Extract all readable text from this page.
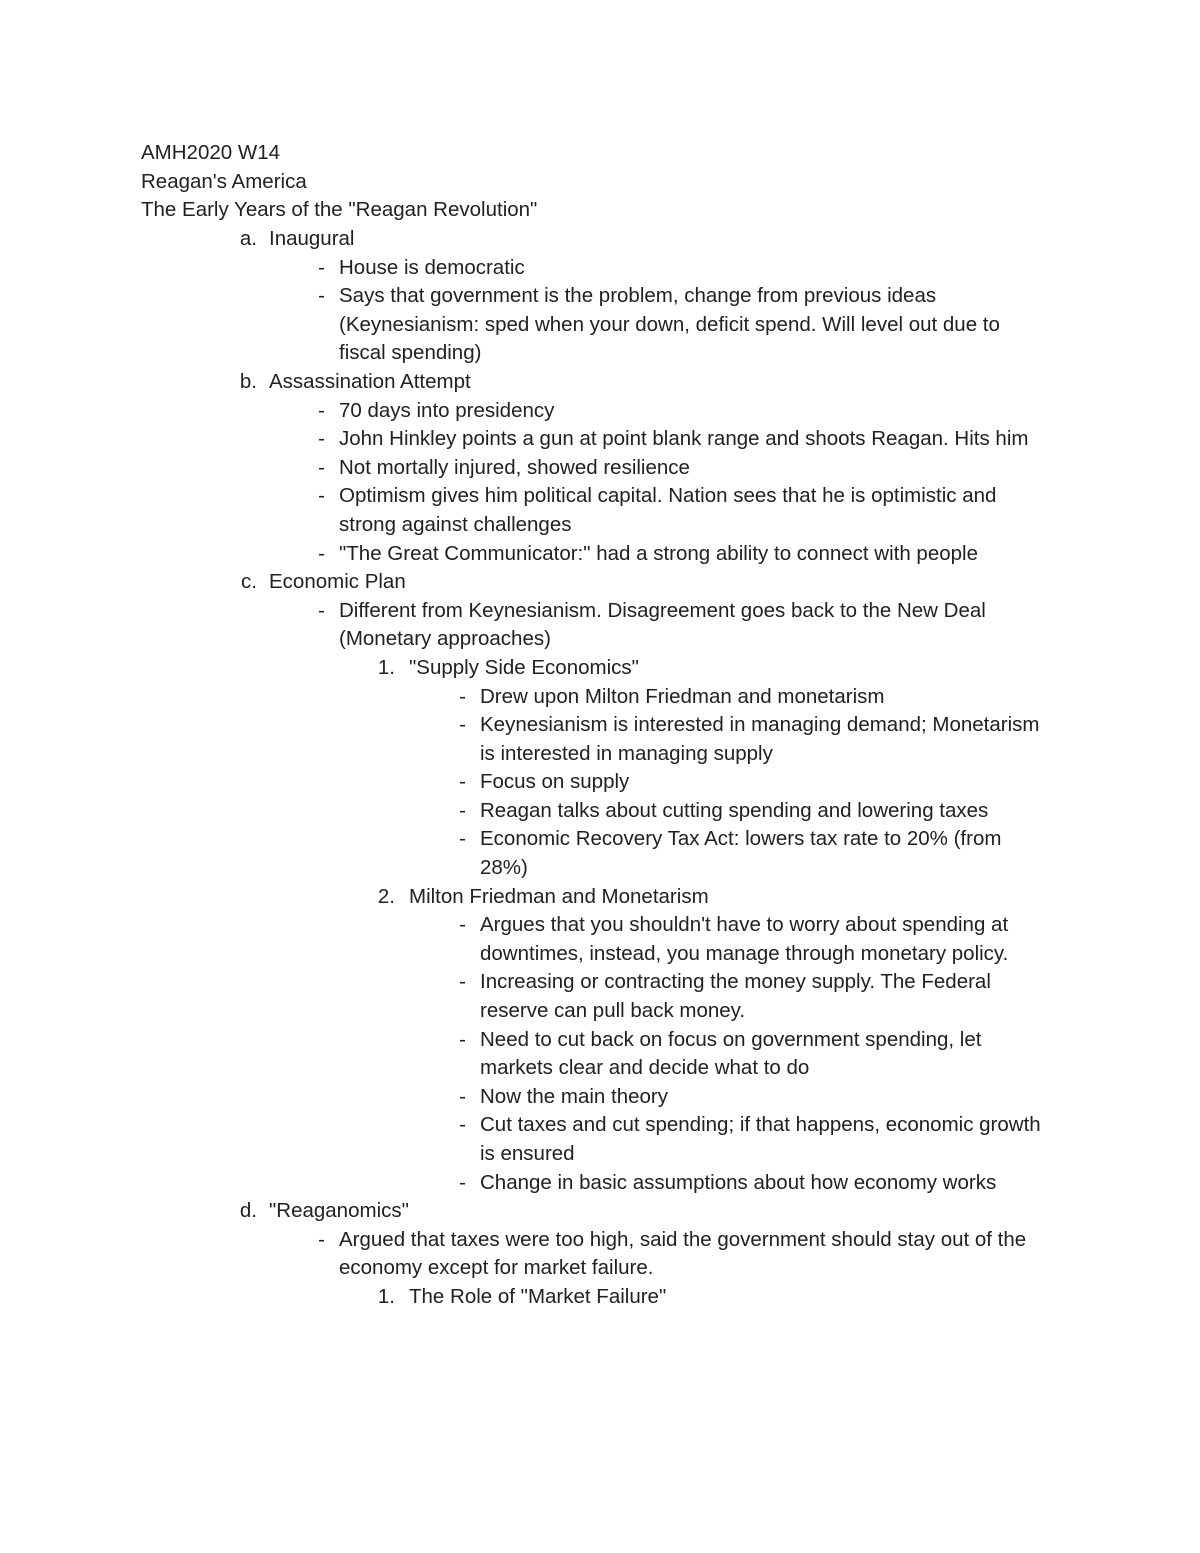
AMH2020 W14
Reagan's America
The Early Years of the "Reagan Revolution"
a. Inaugural
- House is democratic
- Says that government is the problem, change from previous ideas (Keynesianism: sped when your down, deficit spend. Will level out due to fiscal spending)
b. Assassination Attempt
- 70 days into presidency
- John Hinkley points a gun at point blank range and shoots Reagan. Hits him
- Not mortally injured, showed resilience
- Optimism gives him political capital. Nation sees that he is optimistic and strong against challenges
- "The Great Communicator:" had a strong ability to connect with people
c. Economic Plan
- Different from Keynesianism. Disagreement goes back to the New Deal (Monetary approaches)
1. "Supply Side Economics"
- Drew upon Milton Friedman and monetarism
- Keynesianism is interested in managing demand; Monetarism is interested in managing supply
- Focus on supply
- Reagan talks about cutting spending and lowering taxes
- Economic Recovery Tax Act: lowers tax rate to 20% (from 28%)
2. Milton Friedman and Monetarism
- Argues that you shouldn't have to worry about spending at downtimes, instead, you manage through monetary policy.
- Increasing or contracting the money supply. The Federal reserve can pull back money.
- Need to cut back on focus on government spending, let markets clear and decide what to do
- Now the main theory
- Cut taxes and cut spending; if that happens, economic growth is ensured
- Change in basic assumptions about how economy works
d. "Reaganomics"
- Argued that taxes were too high, said the government should stay out of the economy except for market failure.
1. The Role of "Market Failure"
